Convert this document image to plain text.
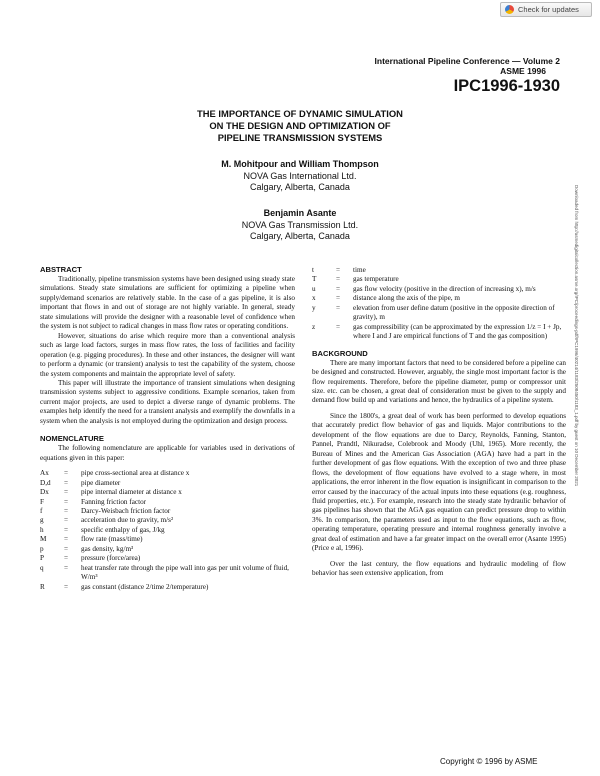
Check for updates
International Pipeline Conference — Volume 2
ASME 1996
IPC1996-1930
THE IMPORTANCE OF DYNAMIC SIMULATION
ON THE DESIGN AND OPTIMIZATION OF
PIPELINE TRANSMISSION SYSTEMS
M. Mohitpour and William Thompson
NOVA Gas International Ltd.
Calgary, Alberta, Canada
Benjamin Asante
NOVA Gas Transmission Ltd.
Calgary, Alberta, Canada	Downloaded from http://asmedigitalcollection.asme.org/IPC/proceedings-pdf/IPC1996/40214/1183/2508450/1183_1.pdf by guest on 10 December 2021
ABSTRACT

Traditionally, pipeline transmission systems have been designed using steady state simulations. Steady state simulations are sufficient for optimizing a pipeline when supply/demand scenarios are relatively stable. In the case of a gas pipeline, it is also important that flows in and out of storage are not highly variable. In general, steady state simulations will provide the designer with a reasonable level of confidence when the system is not subject to radical changes in mass flow rates or operating conditions.

However, situations do arise which require more than a conventional analysis such as large load factors, surges in mass flow rates, the loss of facilities and facility operation (e.g. pigging procedures). In these and other instances, the designer will want to perform a dynamic (or transient) analysis to test the capability of the system, choose the system components and maintain the appropriate level of safety.

This paper will illustrate the importance of transient simulations when designing transmission systems subject to aggressive conditions. Example scenarios, taken from current major projects, are used to depict a diverse range of dynamic problems. The examples help identify the need for a transient analysis and exemplify the downfalls in a system when the analysis is not employed during the optimization and design process.

NOMENCLATURE

The following nomenclature are applicable for variables used in derivations of equations given in this paper:

Ax	=	pipe cross-sectional area at distance x
D,d	=	pipe diameter
Dx	=	pipe internal diameter at distance x
F	=	Fanning friction factor
f	=	Darcy-Weisbach friction factor
g	=	acceleration due to gravity, m/s²
h	=	specific enthalpy of gas, J/kg
M	=	flow rate (mass/time)
p	=	gas density, kg/m³
P	=	pressure (force/area)
q	=	heat transfer rate through the pipe wall into gas per unit volume of fluid, W/m³
R	=	gas constant (distance 2/time 2/temperature)
t	=	time
T	=	gas temperature
u	=	gas flow velocity (positive in the direction of increasing x), m/s
x	=	distance along the axis of the pipe, m
y	=	elevation from user define datum (positive in the opposite direction of gravity), m
z	=	gas compressibility (can be approximated by the expression 1/z = I + Jp, where I and J are empirical functions of T and the gas composition)
BACKGROUND

There are many important factors that need to be considered before a pipeline can be designed and constructed. However, arguably, the single most important factor is the flow requirements. Therefore, before the pipeline diameter, pump or compressor unit size. etc. can be chosen, a great deal of consideration must be given to the supply and demand flow build up and variations and hence, the hydraulics of a pipeline system.

Since the 1800's, a great deal of work has been performed to develop equations that accurately predict flow behavior of gas and liquids. Major contributions to the development of the flow equations are due to Darcy, Reynolds, Fanning, Stanton, Pannel, Prandtl, Nikuradse, Colebrook and Moody (Uhl, 1965). More recently, the Bureau of Mines and the American Gas Association (AGA) have had a part in the further development of gas flow equations. With the exception of two and three phase flows, the development of flow equations have evolved to a stage where, in most applications, the error inherent in the flow equation is insignificant in comparison to the error caused by the inaccuracy of the actual inputs into these equations (e.g. roughness, fluid properties, etc.). For example, research into the steady state hydraulic behavior of gas pipelines has shown that the AGA gas equation can predict pressure drop to within 3%. In comparison, the parameters used as input to the flow equations, such as flow, operating temperature, operating pressure and internal roughness generally involve a great deal of estimation and have a far greater impact on the overall error (Asante 1995)(Price e al, 1996).

Over the last century, the flow equations and hydraulic modeling of flow behavior has seen extensive application, from

Copyright © 1996 by ASME
